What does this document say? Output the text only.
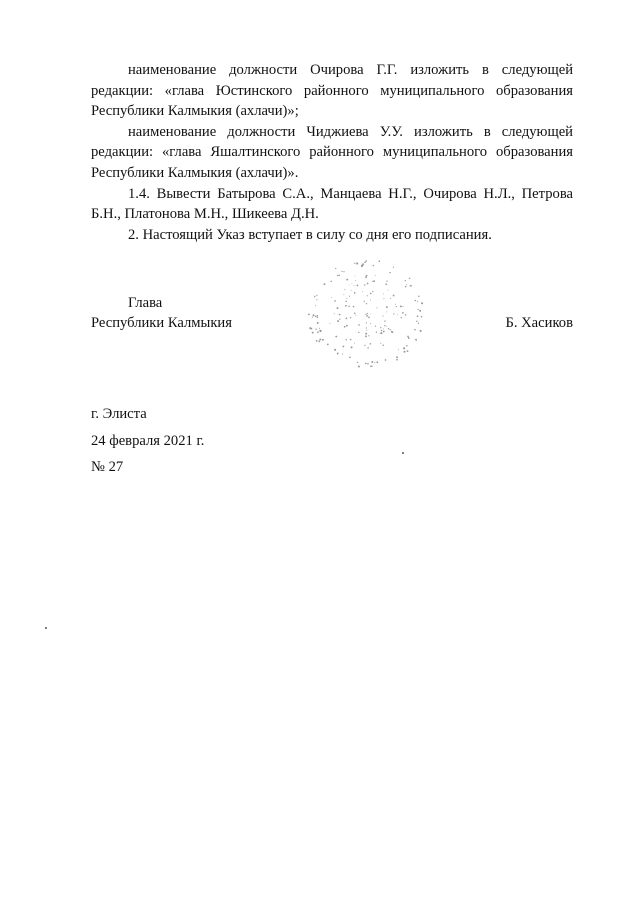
наименование должности Очирова Г.Г. изложить в следующей редакции: «глава Юстинского районного муниципального образования Республики Калмыкия (ахлачи)»;

наименование должности Чиджиева У.У. изложить в следующей редакции: «глава Яшалтинского районного муниципального образования Республики Калмыкия (ахлачи)».

1.4. Вывести Батырова С.А., Манцаева Н.Г., Очирова Н.Л., Петрова Б.Н., Платонова М.Н., Шикеева Д.Н.

2. Настоящий Указ вступает в силу со дня его подписания.

Глава
Республики Калмыкия	Б. Хасиков
г. Элиста
24 февраля 2021 г.
№ 27
